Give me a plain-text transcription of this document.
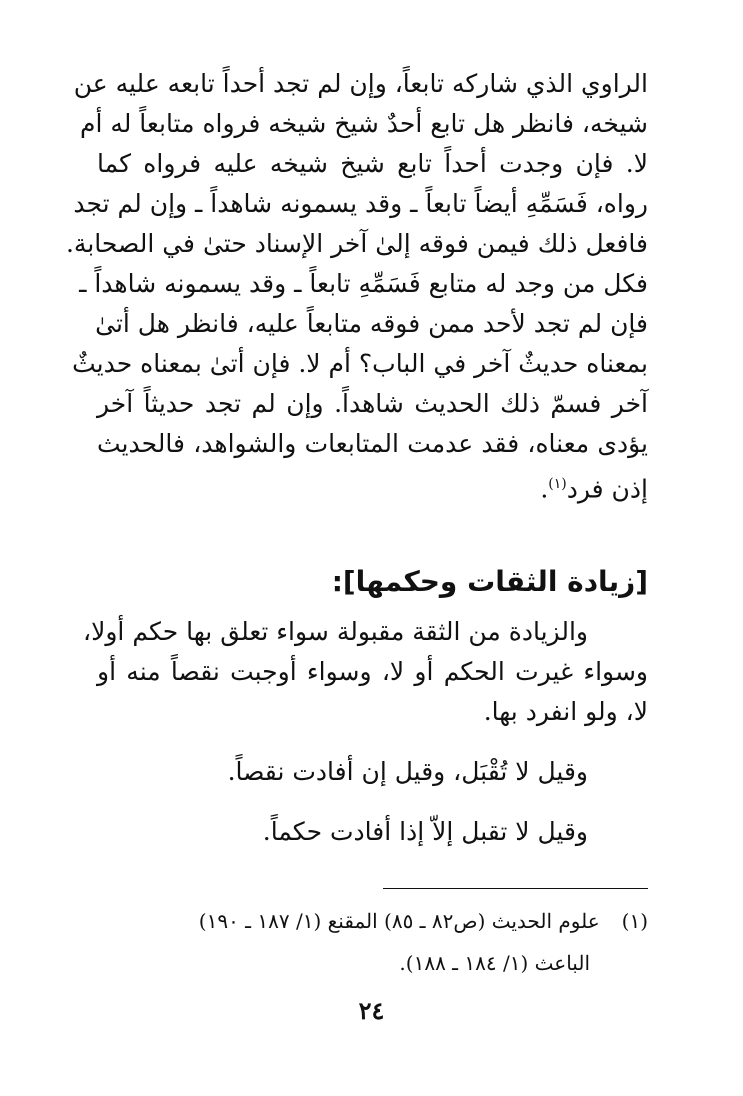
الراوي الذي شاركه تابعاً، وإن لم تجد أحداً تابعه عليه عن
شيخه، فانظر هل تابع أحدٌ شيخ شيخه فرواه متابعاً له أم
لا. فإن وجدت أحداً تابع شيخ شيخه عليه فرواه كما
رواه، فَسَمِّهِ أيضاً تابعاً ـ وقد يسمونه شاهداً ـ وإن لم تجد
فافعل ذلك فيمن فوقه إلىٰ آخر الإسناد حتىٰ في الصحابة.
فكل من وجد له متابع فَسَمِّهِ تابعاً ـ وقد يسمونه شاهداً ـ
فإن لم تجد لأحد ممن فوقه متابعاً عليه، فانظر هل أتىٰ
بمعناه حديثٌ آخر في الباب؟ أم لا. فإن أتىٰ بمعناه حديثٌ
آخر فسمّ ذلك الحديث شاهداً. وإن لم تجد حديثاً آخر
يؤدى معناه، فقد عدمت المتابعات والشواهد، فالحديث
إذن فرد$^{(١)}$.
[زيادة الثقات وحكمها]:
والزيادة من الثقة مقبولة سواء تعلق بها حكم أولا،
وسواء غيرت الحكم أو لا، وسواء أوجبت نقصاً منه أو
لا، ولو انفرد بها.
وقيل لا تُقْبَل، وقيل إن أفادت نقصاً.
وقيل لا تقبل إلاّ إذا أفادت حكماً.
(١)علوم الحديث (ص٨٢ ـ ٨٥) المقنع (١/ ١٨٧ ـ ١٩٠)
الباعث (١/ ١٨٤ ـ ١٨٨).
٢٤
